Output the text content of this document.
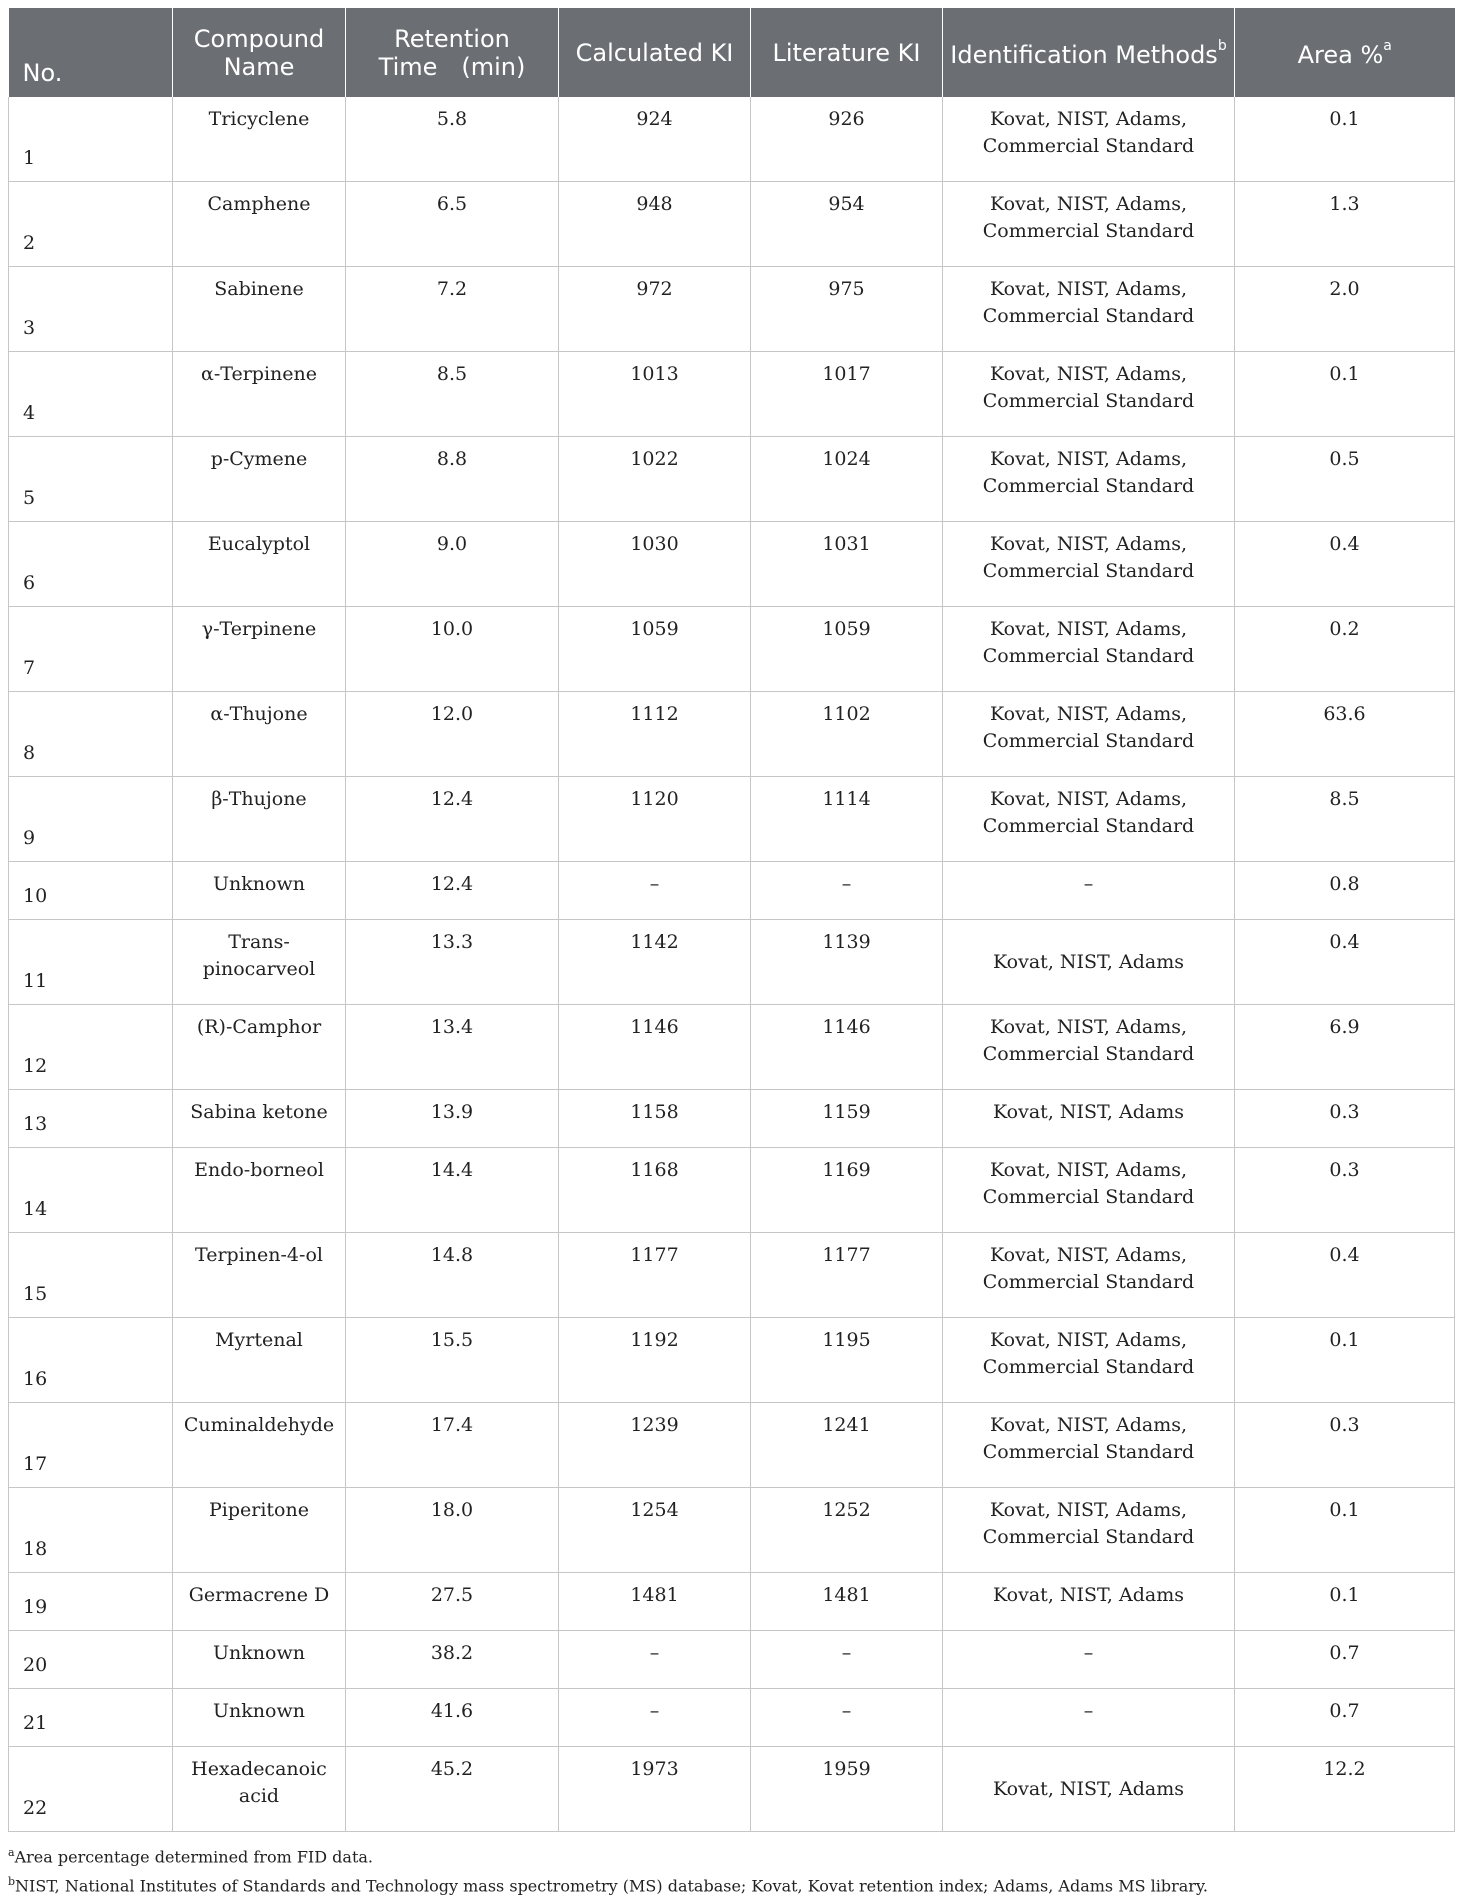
No.	Compound Name	Retention Time (min)	Calculated KI	Literature KI	Identification Methods$^b$	Area %$^a$
1	Tricyclene	5.8	924	926	Kovat, NIST, Adams, Commercial Standard	0.1
2	Camphene	6.5	948	954	Kovat, NIST, Adams, Commercial Standard	1.3
3	Sabinene	7.2	972	975	Kovat, NIST, Adams, Commercial Standard	2.0
4	α-Terpinene	8.5	1013	1017	Kovat, NIST, Adams, Commercial Standard	0.1
5	p-Cymene	8.8	1022	1024	Kovat, NIST, Adams, Commercial Standard	0.5
6	Eucalyptol	9.0	1030	1031	Kovat, NIST, Adams, Commercial Standard	0.4
7	γ-Terpinene	10.0	1059	1059	Kovat, NIST, Adams, Commercial Standard	0.2
8	α-Thujone	12.0	1112	1102	Kovat, NIST, Adams, Commercial Standard	63.6
9	β-Thujone	12.4	1120	1114	Kovat, NIST, Adams, Commercial Standard	8.5
10	Unknown	12.4	–	–	–	0.8
11	Trans-pinocarveol	13.3	1142	1139	Kovat, NIST, Adams	0.4
12	(R)-Camphor	13.4	1146	1146	Kovat, NIST, Adams, Commercial Standard	6.9
13	Sabina ketone	13.9	1158	1159	Kovat, NIST, Adams	0.3
14	Endo-borneol	14.4	1168	1169	Kovat, NIST, Adams, Commercial Standard	0.3
15	Terpinen-4-ol	14.8	1177	1177	Kovat, NIST, Adams, Commercial Standard	0.4
16	Myrtenal	15.5	1192	1195	Kovat, NIST, Adams, Commercial Standard	0.1
17	Cuminaldehyde	17.4	1239	1241	Kovat, NIST, Adams, Commercial Standard	0.3
18	Piperitone	18.0	1254	1252	Kovat, NIST, Adams, Commercial Standard	0.1
19	Germacrene D	27.5	1481	1481	Kovat, NIST, Adams	0.1
20	Unknown	38.2	–	–	–	0.7
21	Unknown	41.6	–	–	–	0.7
22	Hexadecanoic acid	45.2	1973	1959	Kovat, NIST, Adams	12.2
$^a$Area percentage determined from FID data.
$^b$NIST, National Institutes of Standards and Technology mass spectrometry (MS) database; Kovat, Kovat retention index; Adams, Adams MS library.
